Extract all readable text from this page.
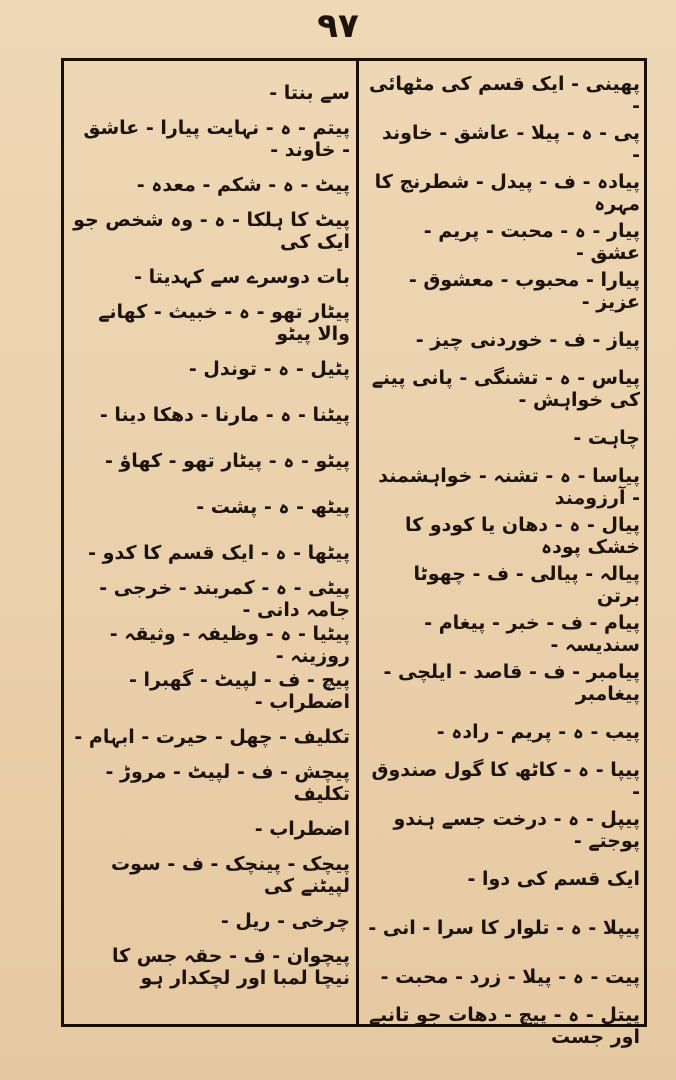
۹۷
پھینی - ایک قسم کی مٹھائی -
پی - ہ - پیلا - عاشق - خاوند -
پیادہ - ف - پیدل - شطرنج کا مہرہ
پیار - ہ - محبت - پریم - عشق -
پیارا - محبوب - معشوق - عزیز -
پیاز - ف - خوردنی چیز -
پیاس - ہ - تشنگی - پانی پینے کی خواہش -
چاہت -
پیاسا - ہ - تشنہ - خواہشمند - آرزومند
پیال - ہ - دھان یا کودو کا خشک پودہ
پیالہ - پیالی - ف - چھوٹا برتن
پیام - ف - خبر - پیغام - سندیسہ -
پیامبر - ف - قاصد - ایلچی - پیغامبر
پیب - ہ - پریم - رادہ -
پیپا - ہ - کاٹھ کا گول صندوق -
پیپل - ہ - درخت جسے ہندو پوجتے -
ایک قسم کی دوا -
پیپلا - ہ - تلوار کا سرا - انی -
پیت - ہ - پیلا - زرد - محبت -
پیتل - ہ - پیچ - دھات جو تانبے اور جست
سے بنتا -
پیتم - ہ - نہایت پیارا - عاشق - خاوند -
پیٹ - ہ - شکم - معدہ -
پیٹ کا ہلکا - ہ - وہ شخص جو ایک کی
بات دوسرے سے کہدیتا -
پیٹار تھو - ہ - خبیث - کھانے والا پیٹو
پٹیل - ہ - توندل -
پیٹنا - ہ - مارنا - دھکا دینا -
پیٹو - ہ - پیٹار تھو - کھاؤ -
پیٹھ - ہ - پشت -
پیٹھا - ہ - ایک قسم کا کدو -
پیٹی - ہ - کمربند - خرجی - جامہ دانی -
پیٹیا - ہ - وظیفہ - وثیقہ - روزینہ -
پیچ - ف - لپیٹ - گھبرا - اضطراب -
تکلیف - چھل - حیرت - ابہام -
پیچش - ف - لپیٹ - مروڑ - تکلیف
اضطراب -
پیچک - پینچک - ف - سوت لپیٹنے کی
چرخی - ریل -
پیچوان - ف - حقہ جس کا نیچا لمبا اور لچکدار ہو
